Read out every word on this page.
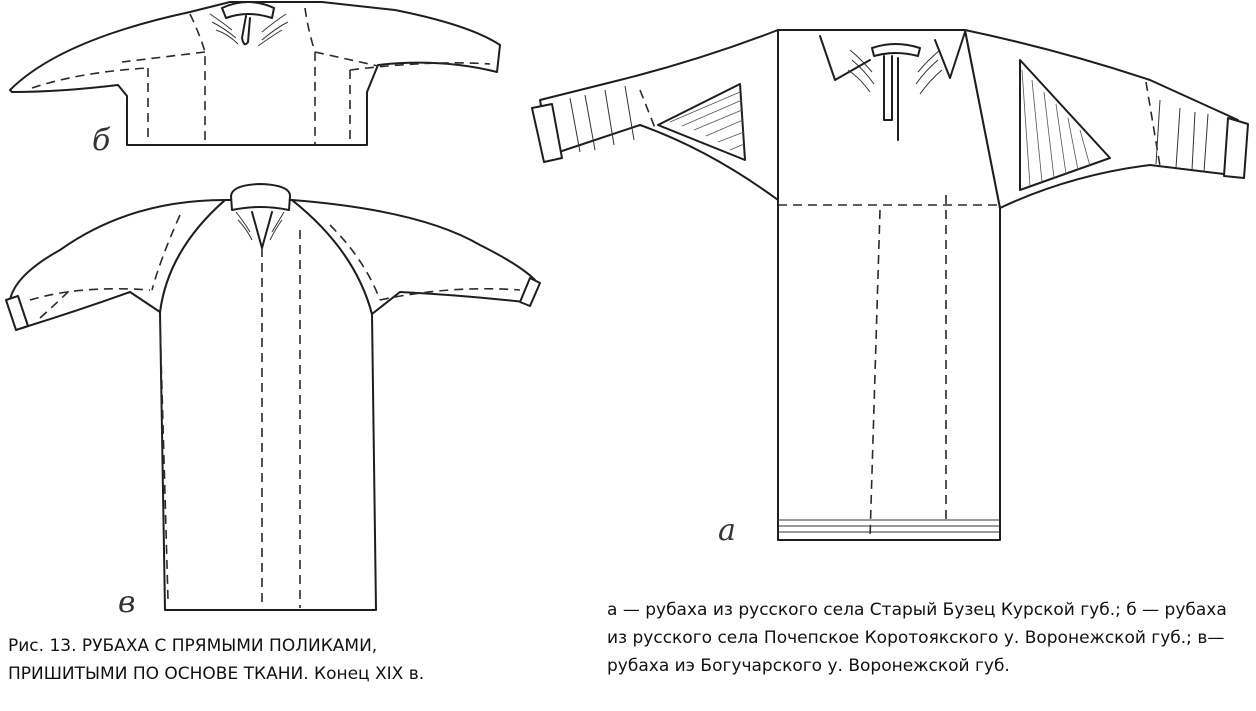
б
в
а
Рис. 13. РУБАХА С ПРЯМЫМИ ПОЛИКАМИ,
ПРИШИТЫМИ ПО ОСНОВЕ ТКАНИ. Конец XIX в.
а — рубаха из русского села Старый Бузец Курской губ.; б — рубаха из русского села Почепское Коротоякского у. Воронежской губ.; в—рубаха иэ Богучарского у. Воронежской губ.
